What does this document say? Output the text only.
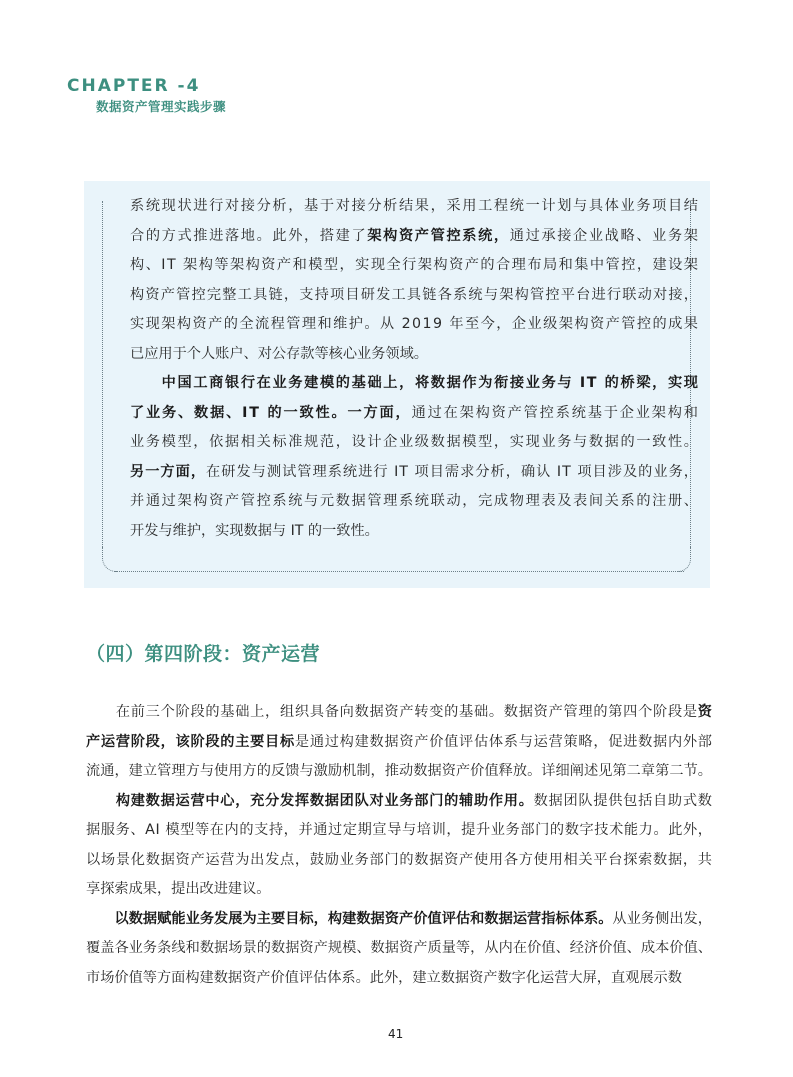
CHAPTER -4
数据资产管理实践步骤
系统现状进行对接分析，基于对接分析结果，采用工程统一计划与具体业务项目结
合的方式推进落地。此外，搭建了架构资产管控系统，通过承接企业战略、业务架
构、IT 架构等架构资产和模型，实现全行架构资产的合理布局和集中管控，建设架
构资产管控完整工具链，支持项目研发工具链各系统与架构管控平台进行联动对接，
实现架构资产的全流程管理和维护。从 2019 年至今，企业级架构资产管控的成果
已应用于个人账户、对公存款等核心业务领域。
　　中国工商银行在业务建模的基础上，将数据作为衔接业务与 IT 的桥梁，实现
了业务、数据、IT 的一致性。一方面，通过在架构资产管控系统基于企业架构和
业务模型，依据相关标准规范，设计企业级数据模型，实现业务与数据的一致性。
另一方面，在研发与测试管理系统进行 IT 项目需求分析，确认 IT 项目涉及的业务，
并通过架构资产管控系统与元数据管理系统联动，完成物理表及表间关系的注册、
开发与维护，实现数据与 IT 的一致性。
（四）第四阶段：资产运营
　　在前三个阶段的基础上，组织具备向数据资产转变的基础。数据资产管理的第四个阶段是资
产运营阶段，该阶段的主要目标是通过构建数据资产价值评估体系与运营策略，促进数据内外部
流通，建立管理方与使用方的反馈与激励机制，推动数据资产价值释放。详细阐述见第二章第二节。
　　构建数据运营中心，充分发挥数据团队对业务部门的辅助作用。数据团队提供包括自助式数
据服务、AI 模型等在内的支持，并通过定期宣导与培训，提升业务部门的数字技术能力。此外，
以场景化数据资产运营为出发点，鼓励业务部门的数据资产使用各方使用相关平台探索数据，共
享探索成果，提出改进建议。
　　以数据赋能业务发展为主要目标，构建数据资产价值评估和数据运营指标体系。从业务侧出发，
覆盖各业务条线和数据场景的数据资产规模、数据资产质量等，从内在价值、经济价值、成本价值、
市场价值等方面构建数据资产价值评估体系。此外，建立数据资产数字化运营大屏，直观展示数
41
